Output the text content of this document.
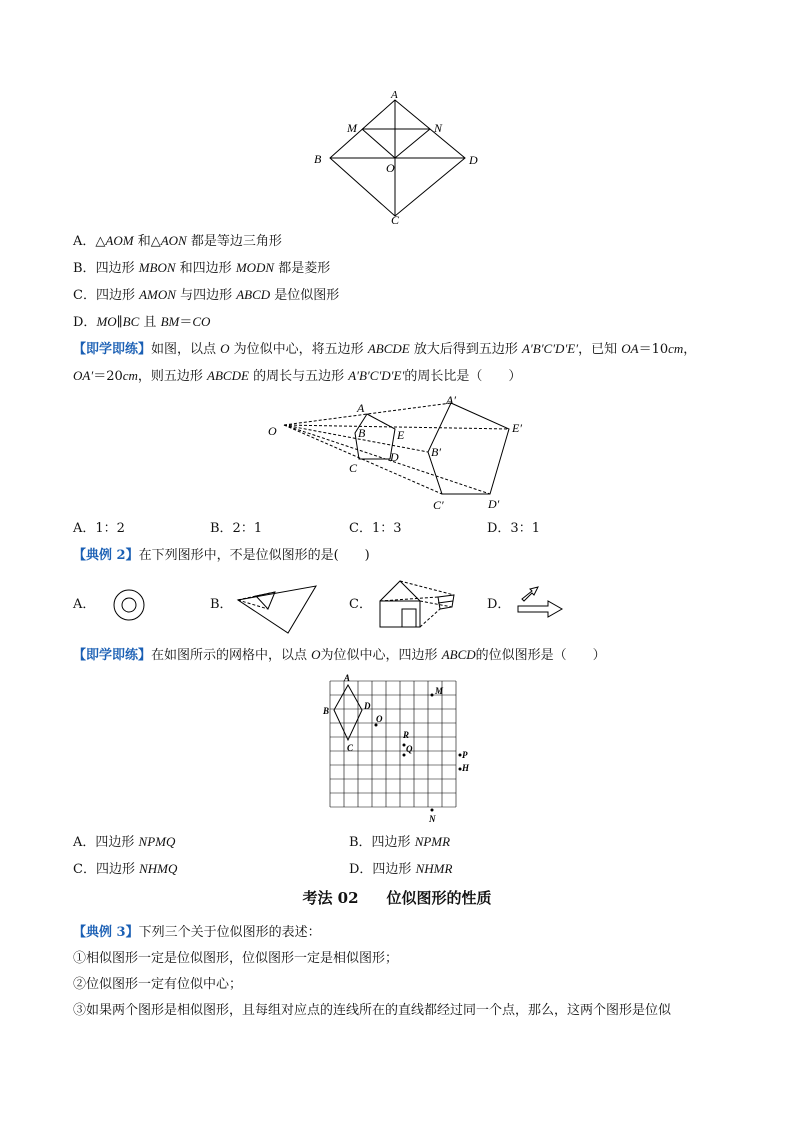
A
M	N
B
O
D
C
A．△AOM 和△AON 都是等边三角形
B．四边形 MBON 和四边形 MODN 都是菱形
C．四边形 AMON 与四边形 ABCD 是位似图形
D．MO∥BC 且 BM＝CO
【即学即练】如图，以点 O 为位似中心，将五边形 ABCDE 放大后得到五边形 A′B′C′D′E′，已知 OA＝10cm，
OA′＝20cm，则五边形 ABCDE 的周长与五边形 A′B′C′D′E′的周长比是（　　）
O
A
B
C
D
E
A′
E′
B′
C′	D′
A．1：2	B．2：1	C．1：3	D．3：1
【典例 2】在下列图形中，不是位似图形的是(　　)
A．	B．	C．	D．
【即学即练】在如图所示的网格中，以点 O为位似中心，四边形 ABCD的位似图形是（　　）
A
M
B	D
O
R
Q
C
P
H
N
A．四边形 NPMQ	B．四边形 NPMR
C．四边形 NHMQ	D．四边形 NHMR
考法 02 位似图形的性质
【典例 3】下列三个关于位似图形的表述：
①相似图形一定是位似图形，位似图形一定是相似图形；
②位似图形一定有位似中心；
③如果两个图形是相似图形，且每组对应点的连线所在的直线都经过同一个点，那么，这两个图形是位似
